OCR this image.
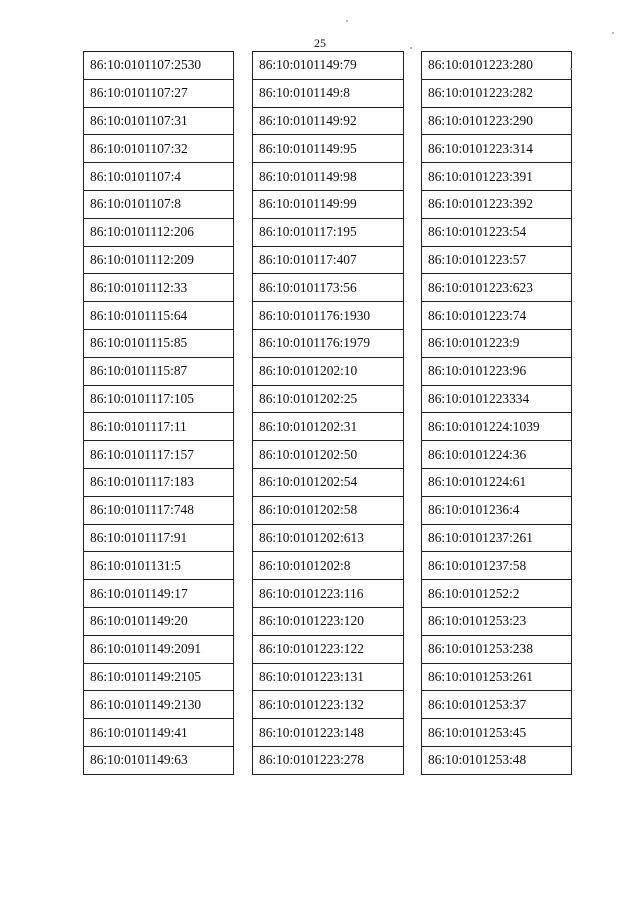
25
86:10:0101107:2530
86:10:0101107:27
86:10:0101107:31
86:10:0101107:32
86:10:0101107:4
86:10:0101107:8
86:10:0101112:206
86:10:0101112:209
86:10:0101112:33
86:10:0101115:64
86:10:0101115:85
86:10:0101115:87
86:10:0101117:105
86:10:0101117:11
86:10:0101117:157
86:10:0101117:183
86:10:0101117:748
86:10:0101117:91
86:10:0101131:5
86:10:0101149:17
86:10:0101149:20
86:10:0101149:2091
86:10:0101149:2105
86:10:0101149:2130
86:10:0101149:41
86:10:0101149:63
86:10:0101149:79
86:10:0101149:8
86:10:0101149:92
86:10:0101149:95
86:10:0101149:98
86:10:0101149:99
86:10:010117:195
86:10:010117:407
86:10:0101173:56
86:10:0101176:1930
86:10:0101176:1979
86:10:0101202:10
86:10:0101202:25
86:10:0101202:31
86:10:0101202:50
86:10:0101202:54
86:10:0101202:58
86:10:0101202:613
86:10:0101202:8
86:10:0101223:116
86:10:0101223:120
86:10:0101223:122
86:10:0101223:131
86:10:0101223:132
86:10:0101223:148
86:10:0101223:278
86:10:0101223:280
86:10:0101223:282
86:10:0101223:290
86:10:0101223:314
86:10:0101223:391
86:10:0101223:392
86:10:0101223:54
86:10:0101223:57
86:10:0101223:623
86:10:0101223:74
86:10:0101223:9
86:10:0101223:96
86:10:0101223334
86:10:0101224:1039
86:10:0101224:36
86:10:0101224:61
86:10:0101236:4
86:10:0101237:261
86:10:0101237:58
86:10:0101252:2
86:10:0101253:23
86:10:0101253:238
86:10:0101253:261
86:10:0101253:37
86:10:0101253:45
86:10:0101253:48
